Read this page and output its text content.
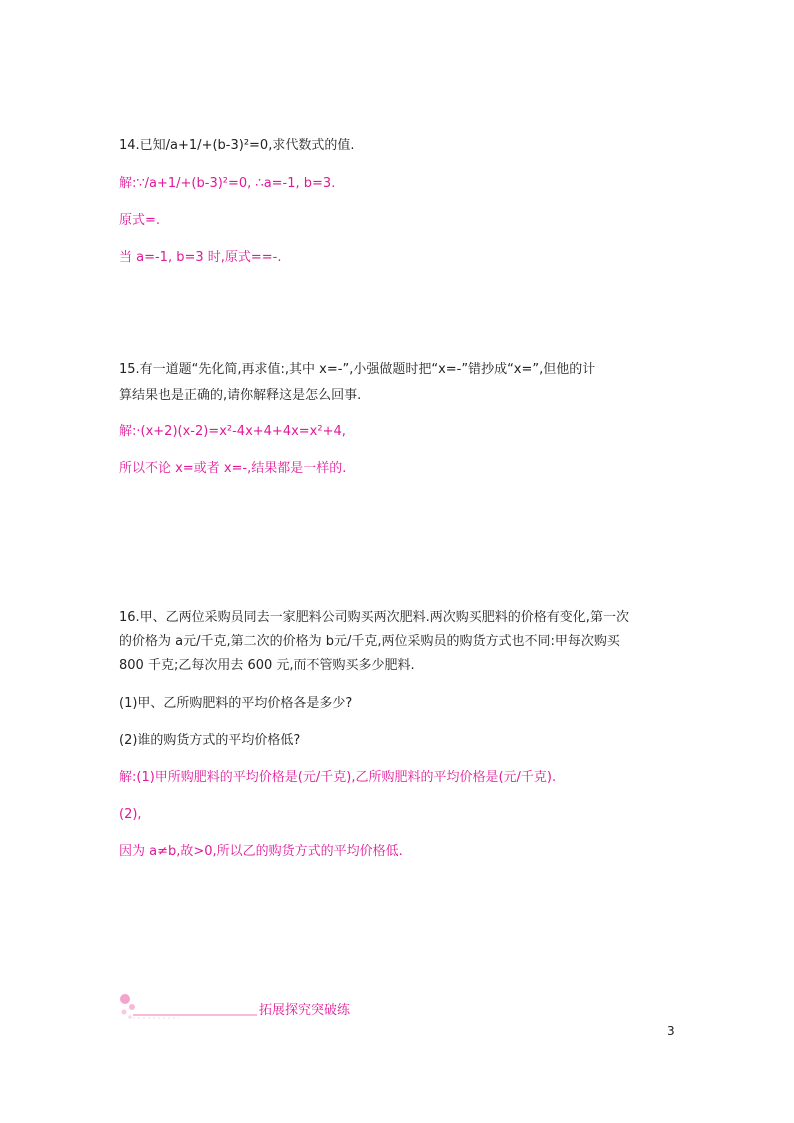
14.已知/a+1/+(b-3)²=0,求代数式的值.
解:∵/a+1/+(b-3)²=0, ∴a=-1, b=3.
原式=.
当 a=-1, b=3 时,原式==-.
15.有一道题“先化简,再求值:,其中 x=-”,小强做题时把“x=-”错抄成“x=”,但他的计
算结果也是正确的,请你解释这是怎么回事.
解:·(x+2)(x-2)=x²-4x+4+4x=x²+4,
所以不论 x=或者 x=-,结果都是一样的.
16.甲、乙两位采购员同去一家肥料公司购买两次肥料.两次购买肥料的价格有变化,第一次
的价格为 a元/千克,第二次的价格为 b元/千克,两位采购员的购货方式也不同:甲每次购买
800 千克;乙每次用去 600 元,而不管购买多少肥料.
(1)甲、乙所购肥料的平均价格各是多少?
(2)谁的购货方式的平均价格低?
解:(1)甲所购肥料的平均价格是(元/千克),乙所购肥料的平均价格是(元/千克).
(2),
因为 a≠b,故>0,所以乙的购货方式的平均价格低.
拓展探究突破练
3
